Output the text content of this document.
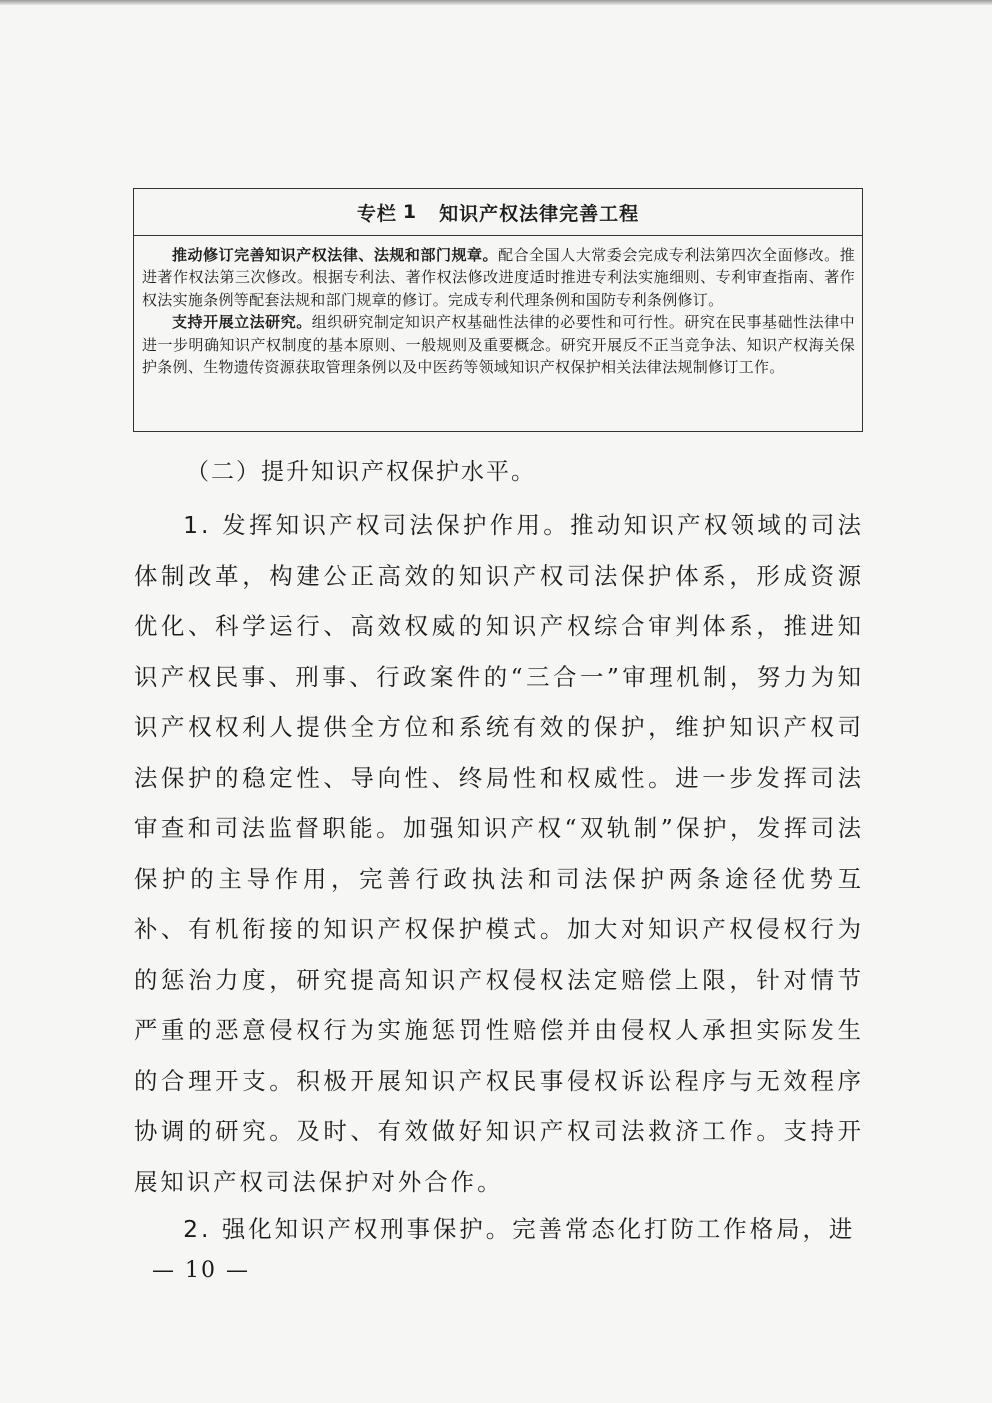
专栏 1 知识产权法律完善工程

推动修订完善知识产权法律、法规和部门规章。配合全国人大常委会完成专利法第四次全面修改。推进著作权法第三次修改。根据专利法、著作权法修改进度适时推进专利法实施细则、专利审查指南、著作权法实施条例等配套法规和部门规章的修订。完成专利代理条例和国防专利条例修订。

支持开展立法研究。组织研究制定知识产权基础性法律的必要性和可行性。研究在民事基础性法律中进一步明确知识产权制度的基本原则、一般规则及重要概念。研究开展反不正当竞争法、知识产权海关保护条例、生物遗传资源获取管理条例以及中医药等领域知识产权保护相关法律法规制修订工作。

（二）提升知识产权保护水平。

1. 发挥知识产权司法保护作用。推动知识产权领域的司法体制改革，构建公正高效的知识产权司法保护体系，形成资源优化、科学运行、高效权威的知识产权综合审判体系，推进知识产权民事、刑事、行政案件的“三合一”审理机制，努力为知识产权权利人提供全方位和系统有效的保护，维护知识产权司法保护的稳定性、导向性、终局性和权威性。进一步发挥司法审查和司法监督职能。加强知识产权“双轨制”保护，发挥司法保护的主导作用，完善行政执法和司法保护两条途径优势互补、有机衔接的知识产权保护模式。加大对知识产权侵权行为的惩治力度，研究提高知识产权侵权法定赔偿上限，针对情节严重的恶意侵权行为实施惩罚性赔偿并由侵权人承担实际发生的合理开支。积极开展知识产权民事侵权诉讼程序与无效程序协调的研究。及时、有效做好知识产权司法救济工作。支持开展知识产权司法保护对外合作。

2. 强化知识产权刑事保护。完善常态化打防工作格局，进

— 10 —
